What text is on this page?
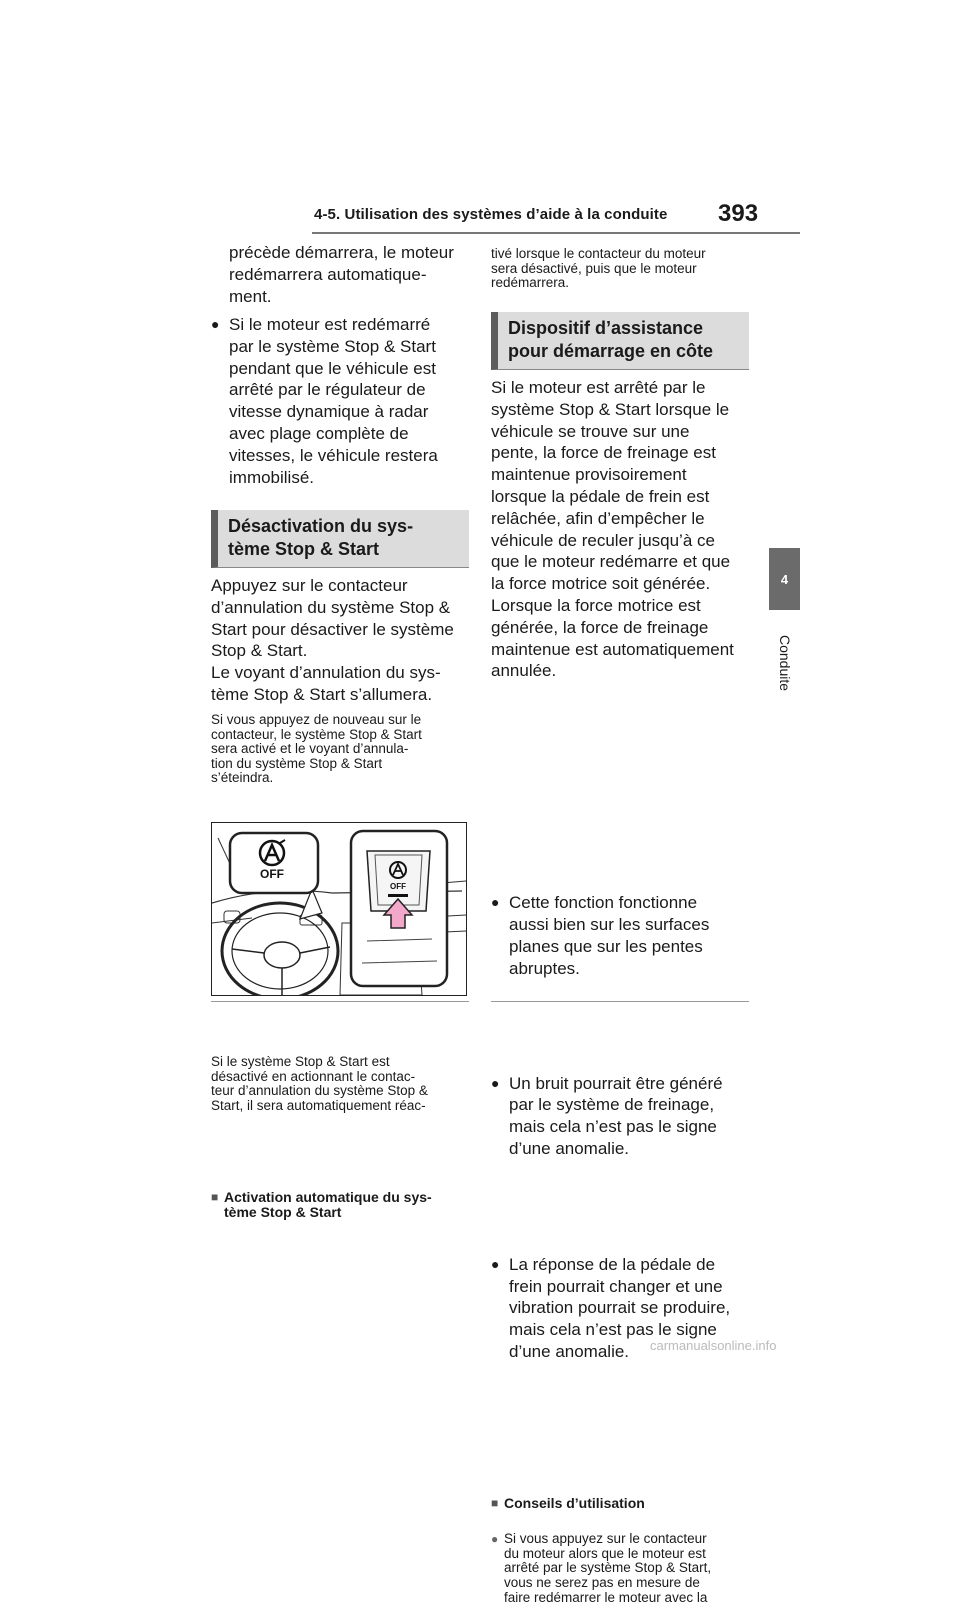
4-5. Utilisation des systèmes d’aide à la conduite 393
4
Conduite
précède démarrera, le moteur
redémarrera automatique-
ment.
● Si le moteur est redémarré
par le système Stop & Start
pendant que le véhicule est
arrêté par le régulateur de
vitesse dynamique à radar
avec plage complète de
vitesses, le véhicule restera
immobilisé.
Désactivation du sys-
tème Stop & Start
Appuyez sur le contacteur
d’annulation du système Stop &
Start pour désactiver le système
Stop & Start.
Le voyant d’annulation du sys-
tème Stop & Start s’allumera.
Si vous appuyez de nouveau sur le
contacteur, le système Stop & Start
sera activé et le voyant d’annula-
tion du système Stop & Start
s’éteindra.
OFF
OFF
■ Activation automatique du sys-
tème Stop & Start
Si le système Stop & Start est
désactivé en actionnant le contac-
teur d’annulation du système Stop &
Start, il sera automatiquement réac-
tivé lorsque le contacteur du moteur
sera désactivé, puis que le moteur
redémarrera.
Dispositif d’assistance
pour démarrage en côte
Si le moteur est arrêté par le
système Stop & Start lorsque le
véhicule se trouve sur une
pente, la force de freinage est
maintenue provisoirement
lorsque la pédale de frein est
relâchée, afin d’empêcher le
véhicule de reculer jusqu’à ce
que le moteur redémarre et que
la force motrice soit générée.
Lorsque la force motrice est
générée, la force de freinage
maintenue est automatiquement
annulée.
● Cette fonction fonctionne
aussi bien sur les surfaces
planes que sur les pentes
abruptes.
● Un bruit pourrait être généré
par le système de freinage,
mais cela n’est pas le signe
d’une anomalie.
● La réponse de la pédale de
frein pourrait changer et une
vibration pourrait se produire,
mais cela n’est pas le signe
d’une anomalie.
■ Conseils d’utilisation
● Si vous appuyez sur le contacteur
du moteur alors que le moteur est
arrêté par le système Stop & Start,
vous ne serez pas en mesure de
faire redémarrer le moteur avec la
carmanualsonline.info
